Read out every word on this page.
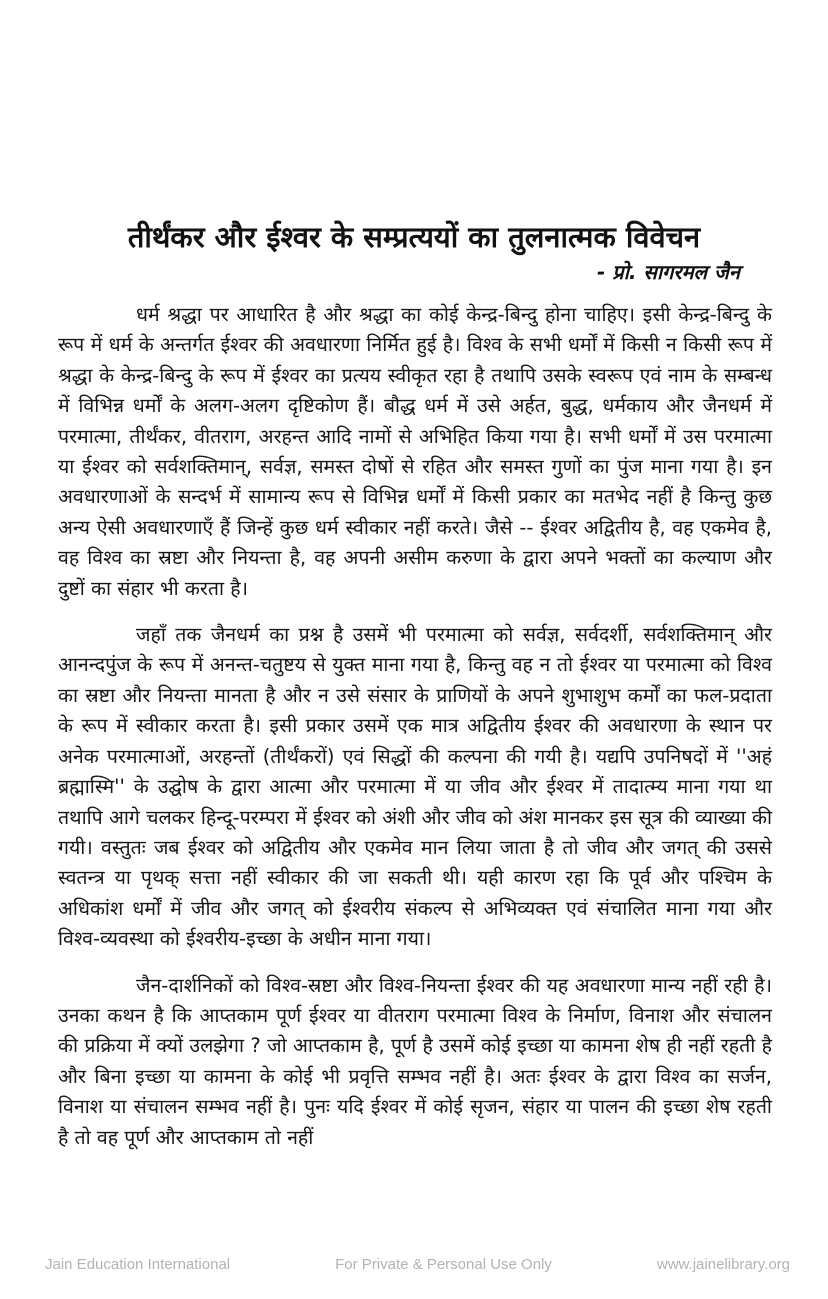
तीर्थंकर और ईश्वर के सम्प्रत्ययों का तुलनात्मक विवेचन
- प्रो. सागरमल जैन

धर्म श्रद्धा पर आधारित है और श्रद्धा का कोई केन्द्र-बिन्दु होना चाहिए। इसी केन्द्र-बिन्दु के रूप में धर्म के अन्तर्गत ईश्वर की अवधारणा निर्मित हुई है। विश्व के सभी धर्मों में किसी न किसी रूप में श्रद्धा के केन्द्र-बिन्दु के रूप में ईश्वर का प्रत्यय स्वीकृत रहा है तथापि उसके स्वरूप एवं नाम के सम्बन्ध में विभिन्न धर्मों के अलग-अलग दृष्टिकोण हैं। बौद्ध धर्म में उसे अर्हत, बुद्ध, धर्मकाय और जैनधर्म में परमात्मा, तीर्थंकर, वीतराग, अरहन्त आदि नामों से अभिहित किया गया है। सभी धर्मों में उस परमात्मा या ईश्वर को सर्वशक्तिमान्, सर्वज्ञ, समस्त दोषों से रहित और समस्त गुणों का पुंज माना गया है। इन अवधारणाओं के सन्दर्भ में सामान्य रूप से विभिन्न धर्मों में किसी प्रकार का मतभेद नहीं है किन्तु कुछ अन्य ऐसी अवधारणाएँ हैं जिन्हें कुछ धर्म स्वीकार नहीं करते। जैसे -- ईश्वर अद्वितीय है, वह एकमेव है, वह विश्व का स्रष्टा और नियन्ता है, वह अपनी असीम करुणा के द्वारा अपने भक्तों का कल्याण और दुष्टों का संहार भी करता है।

जहाँ तक जैनधर्म का प्रश्न है उसमें भी परमात्मा को सर्वज्ञ, सर्वदर्शी, सर्वशक्तिमान् और आनन्दपुंज के रूप में अनन्त-चतुष्टय से युक्त माना गया है, किन्तु वह न तो ईश्वर या परमात्मा को विश्व का स्रष्टा और नियन्ता मानता है और न उसे संसार के प्राणियों के अपने शुभाशुभ कर्मों का फल-प्रदाता के रूप में स्वीकार करता है। इसी प्रकार उसमें एक मात्र अद्वितीय ईश्वर की अवधारणा के स्थान पर अनेक परमात्माओं, अरहन्तों (तीर्थंकरों) एवं सिद्धों की कल्पना की गयी है। यद्यपि उपनिषदों में ''अहं ब्रह्मास्मि'' के उद्घोष के द्वारा आत्मा और परमात्मा में या जीव और ईश्वर में तादात्म्य माना गया था तथापि आगे चलकर हिन्दू-परम्परा में ईश्वर को अंशी और जीव को अंश मानकर इस सूत्र की व्याख्या की गयी। वस्तुतः जब ईश्वर को अद्वितीय और एकमेव मान लिया जाता है तो जीव और जगत् की उससे स्वतन्त्र या पृथक् सत्ता नहीं स्वीकार की जा सकती थी। यही कारण रहा कि पूर्व और पश्चिम के अधिकांश धर्मों में जीव और जगत् को ईश्वरीय संकल्प से अभिव्यक्त एवं संचालित माना गया और विश्व-व्यवस्था को ईश्वरीय-इच्छा के अधीन माना गया।

जैन-दार्शनिकों को विश्व-स्रष्टा और विश्व-नियन्ता ईश्वर की यह अवधारणा मान्य नहीं रही है। उनका कथन है कि आप्तकाम पूर्ण ईश्वर या वीतराग परमात्मा विश्व के निर्माण, विनाश और संचालन की प्रक्रिया में क्यों उलझेगा ? जो आप्तकाम है, पूर्ण है उसमें कोई इच्छा या कामना शेष ही नहीं रहती है और बिना इच्छा या कामना के कोई भी प्रवृत्ति सम्भव नहीं है। अतः ईश्वर के द्वारा विश्व का सर्जन, विनाश या संचालन सम्भव नहीं है। पुनः यदि ईश्वर में कोई सृजन, संहार या पालन की इच्छा शेष रहती है तो वह पूर्ण और आप्तकाम तो नहीं

Jain Education International	For Private & Personal Use Only	www.jainelibrary.org
